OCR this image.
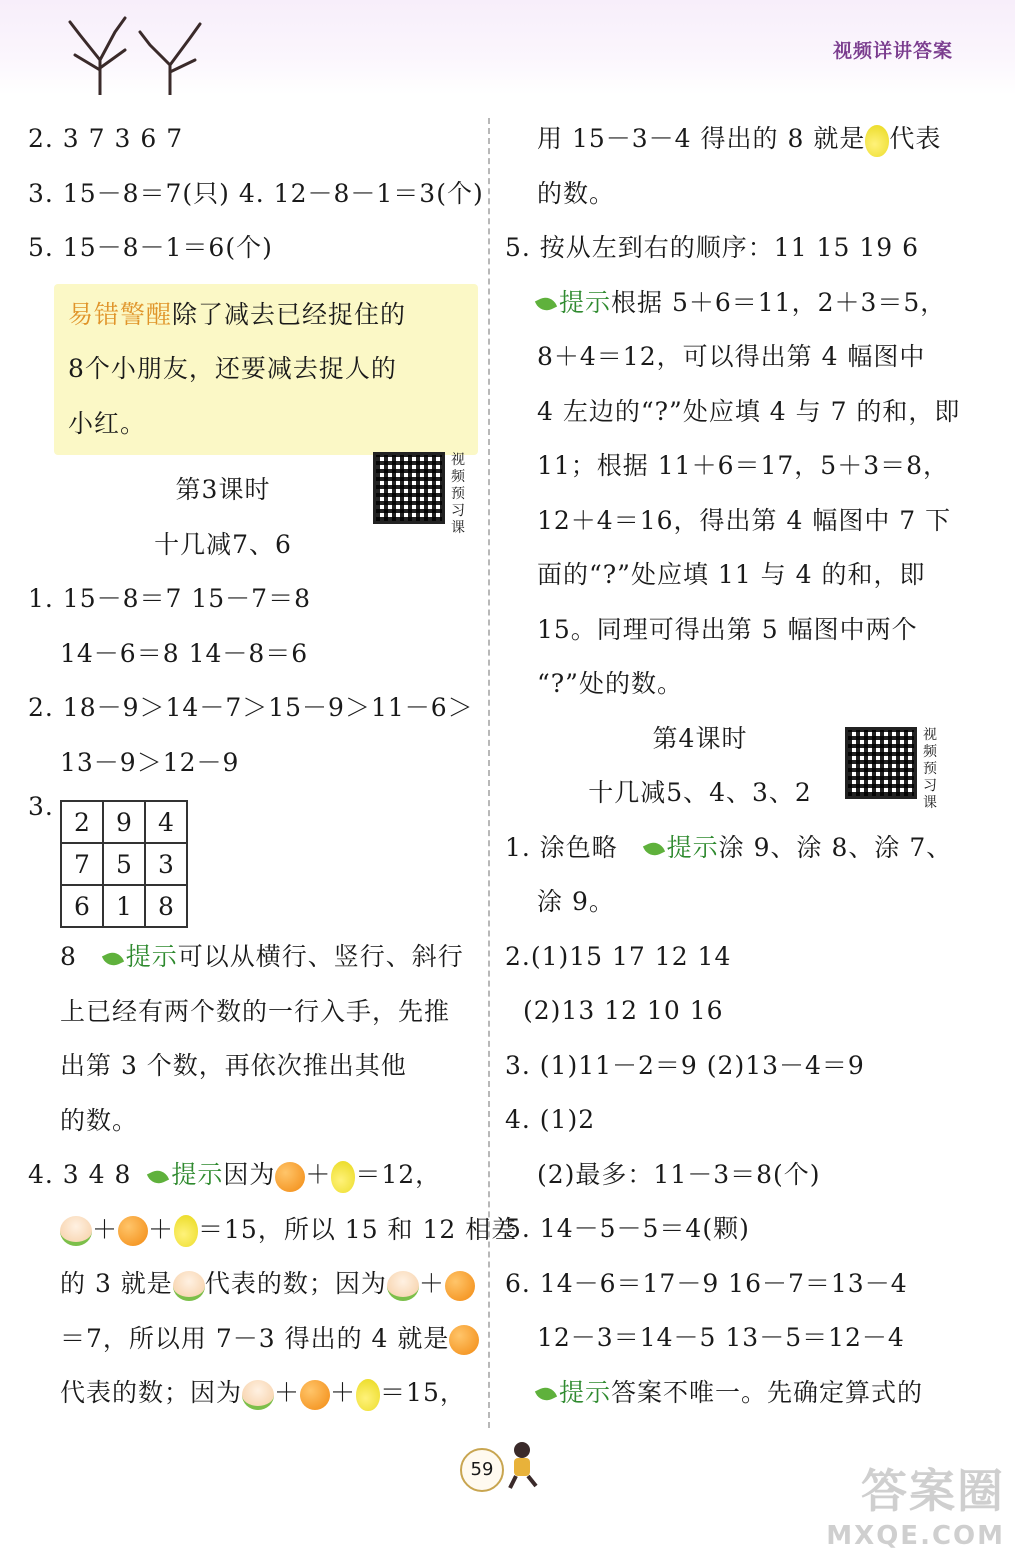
视频详讲答案
2. 3 7 3 6 7
3. 15－8＝7(只) 4. 12－8－1＝3(个)
5. 15－8－1＝6(个)
易错警醒除了减去已经捉住的
8个小朋友，还要减去捉人的
小红。
第3课时
十几减7、6
视频预习课
1. 15－8＝7 15－7＝8
14－6＝8 14－8＝6
2. 18－9＞14－7＞15－9＞11－6＞
13－9＞12－9
3.
2	9	4
7	5	3
6	1	8
8 提示可以从横行、竖行、斜行
上已经有两个数的一行入手，先推
出第 3 个数，再依次推出其他
的数。
4. 3 4 8 提示因为 ＋ ＝12，
＋ ＋ ＝15，所以 15 和 12 相差
的 3 就是 代表的数；因为 ＋
＝7，所以用 7－3 得出的 4 就是
代表的数；因为 ＋ ＋ ＝15，
用 15－3－4 得出的 8 就是 代表
的数。
5. 按从左到右的顺序：11 15 19 6
提示根据 5＋6＝11，2＋3＝5，
8＋4＝12，可以得出第 4 幅图中
4 左边的“?”处应填 4 与 7 的和，即
11；根据 11＋6＝17，5＋3＝8，
12＋4＝16，得出第 4 幅图中 7 下
面的“?”处应填 11 与 4 的和，即
15。同理可得出第 5 幅图中两个
“?”处的数。
第4课时
十几减5、4、3、2
视频预习课
1. 涂色略 提示涂 9、涂 8、涂 7、
涂 9。
2.(1)15 17 12 14
(2)13 12 10 16
3. (1)11－2＝9 (2)13－4＝9
4. (1)2
(2)最多：11－3＝8(个)
5. 14－5－5＝4(颗)
6. 14－6＝17－9 16－7＝13－4
12－3＝14－5 13－5＝12－4
提示答案不唯一。先确定算式的
59	答案圈
MXQE.COM
